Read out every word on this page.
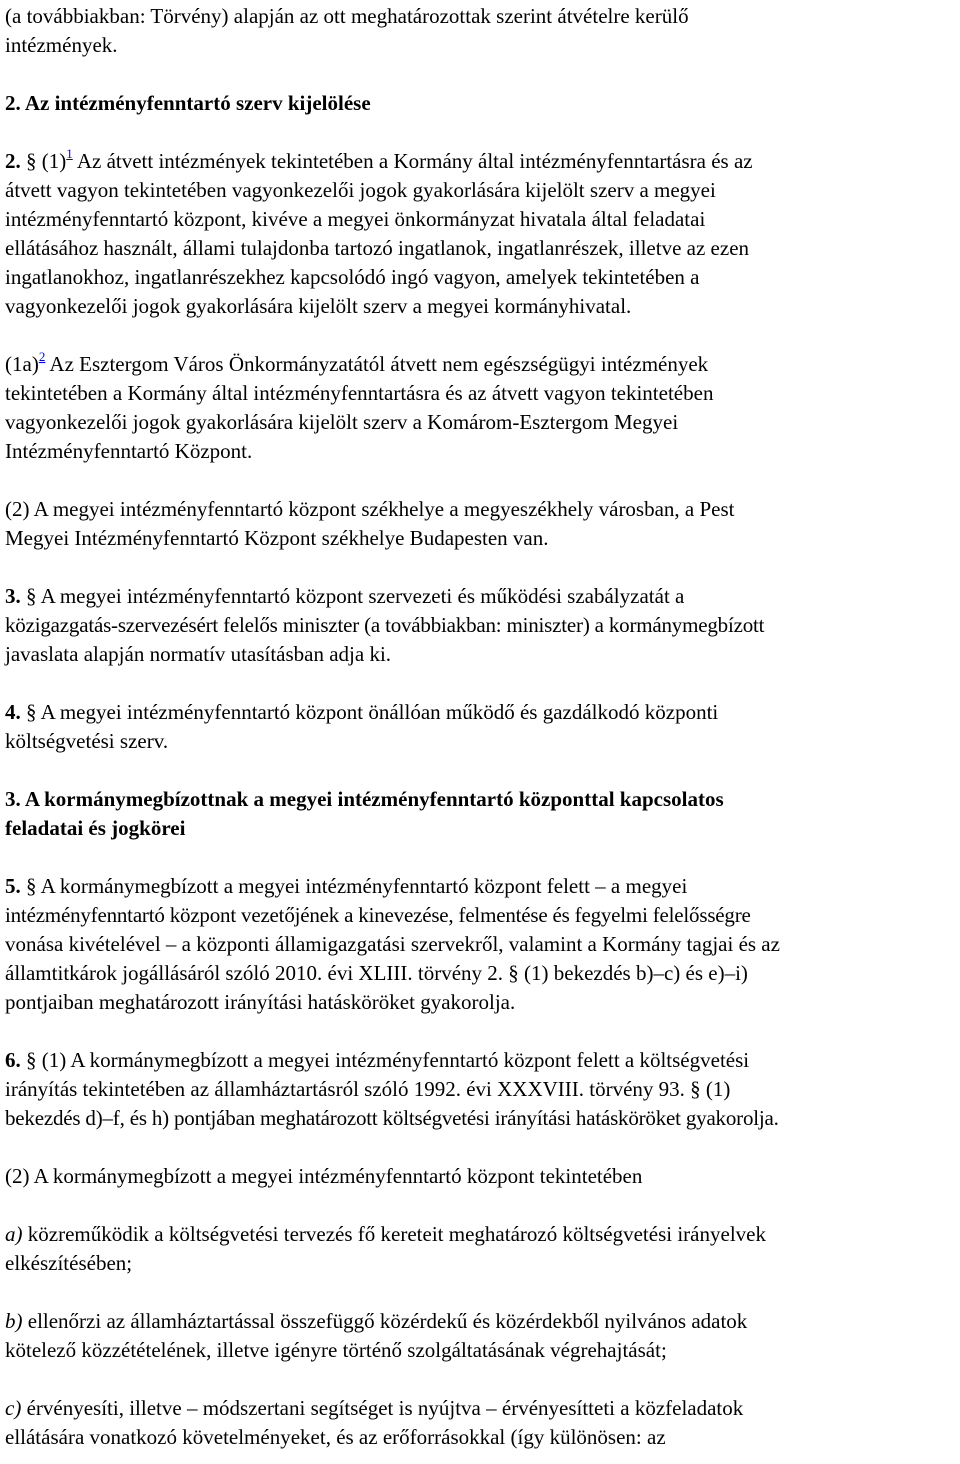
(a továbbiakban: Törvény) alapján az ott meghatározottak szerint átvételre kerülő
intézmények.
2. Az intézményfenntartó szerv kijelölése
2. § $(1)^1$ Az átvett intézmények tekintetében a Kormány által intézményfenntartásra és az
átvett vagyon tekintetében vagyonkezelői jogok gyakorlására kijelölt szerv a megyei
intézményfenntartó központ, kivéve a megyei önkormányzat hivatala által feladatai
ellátásához használt, állami tulajdonba tartozó ingatlanok, ingatlanrészek, illetve az ezen
ingatlanokhoz, ingatlanrészekhez kapcsolódó ingó vagyon, amelyek tekintetében a
vagyonkezelői jogok gyakorlására kijelölt szerv a megyei kormányhivatal.
$(1a)^2$ Az Esztergom Város Önkormányzatától átvett nem egészségügyi intézmények
tekintetében a Kormány által intézményfenntartásra és az átvett vagyon tekintetében
vagyonkezelői jogok gyakorlására kijelölt szerv a Komárom-Esztergom Megyei
Intézményfenntartó Központ.
(2) A megyei intézményfenntartó központ székhelye a megyeszékhely városban, a Pest
Megyei Intézményfenntartó Központ székhelye Budapesten van.
3. § A megyei intézményfenntartó központ szervezeti és működési szabályzatát a
közigazgatás-szervezésért felelős miniszter (a továbbiakban: miniszter) a kormánymegbízott
javaslata alapján normatív utasításban adja ki.
4. § A megyei intézményfenntartó központ önállóan működő és gazdálkodó központi
költségvetési szerv.
3. A kormánymegbízottnak a megyei intézményfenntartó központtal kapcsolatos
feladatai és jogkörei
5. § A kormánymegbízott a megyei intézményfenntartó központ felett – a megyei
intézményfenntartó központ vezetőjének a kinevezése, felmentése és fegyelmi felelősségre
vonása kivételével – a központi államigazgatási szervekről, valamint a Kormány tagjai és az
államtitkárok jogállásáról szóló 2010. évi XLIII. törvény 2. § (1) bekezdés b)–c) és e)–i)
pontjaiban meghatározott irányítási hatásköröket gyakorolja.
6. § (1) A kormánymegbízott a megyei intézményfenntartó központ felett a költségvetési
irányítás tekintetében az államháztartásról szóló 1992. évi XXXVIII. törvény 93. § (1)
bekezdés d)–f, és h) pontjában meghatározott költségvetési irányítási hatásköröket gyakorolja.
(2) A kormánymegbízott a megyei intézményfenntartó központ tekintetében
a) közreműködik a költségvetési tervezés fő kereteit meghatározó költségvetési irányelvek
elkészítésében;
b) ellenőrzi az államháztartással összefüggő közérdekű és közérdekből nyilvános adatok
kötelező közzétételének, illetve igényre történő szolgáltatásának végrehajtását;
c) érvényesíti, illetve – módszertani segítséget is nyújtva – érvényesítteti a közfeladatok
ellátására vonatkozó követelményeket, és az erőforrásokkal (így különösen: az
